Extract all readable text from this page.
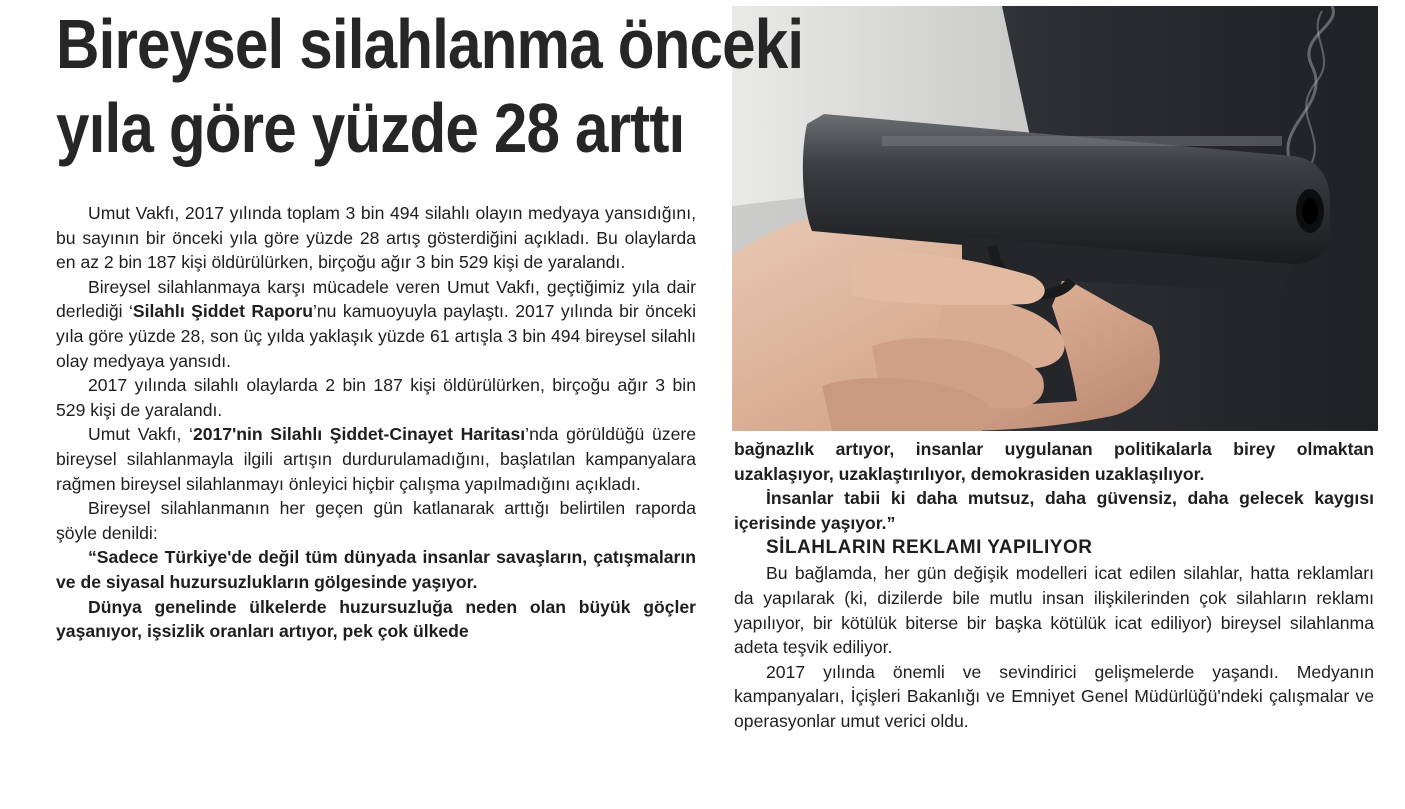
Bireysel silahlanma önceki
yıla göre yüzde 28 arttı

Umut Vakfı, 2017 yılında toplam 3 bin 494 silahlı olayın medyaya yansıdığını, bu sayının bir önceki yıla göre yüzde 28 artış gösterdiğini açıkladı. Bu olaylarda en az 2 bin 187 kişi öldürülürken, birçoğu ağır 3 bin 529 kişi de yaralandı.

Bireysel silahlanmaya karşı mücadele veren Umut Vakfı, geçtiğimiz yıla dair derlediği ‘Silahlı Şiddet Raporu’nu kamuoyuyla paylaştı. 2017 yılında bir önceki yıla göre yüzde 28, son üç yılda yaklaşık yüzde 61 artışla 3 bin 494 bireysel silahlı olay medyaya yansıdı.

2017 yılında silahlı olaylarda 2 bin 187 kişi öldürülürken, birçoğu ağır 3 bin 529 kişi de yaralandı.

Umut Vakfı, ‘2017'nin Silahlı Şiddet-Cinayet Haritası’nda görüldüğü üzere bireysel silahlanmayla ilgili artışın durdurulamadığını, başlatılan kampanyalara rağmen bireysel silahlanmayı önleyici hiçbir çalışma yapılmadığını açıkladı.

Bireysel silahlanmanın her geçen gün katlanarak arttığı belirtilen raporda şöyle denildi:

“Sadece Türkiye'de değil tüm dünyada insanlar savaşların, çatışmaların ve de siyasal huzursuzlukların gölgesinde yaşıyor.

Dünya genelinde ülkelerde huzursuzluğa neden olan büyük göçler yaşanıyor, işsizlik oranları artıyor, pek çok ülkede

bağnazlık artıyor, insanlar uygulanan politikalarla birey olmaktan uzaklaşıyor, uzaklaştırılıyor, demokrasiden uzaklaşılıyor.

İnsanlar tabii ki daha mutsuz, daha güvensiz, daha gelecek kaygısı içerisinde yaşıyor.”

SİLAHLARIN REKLAMI YAPILIYOR

Bu bağlamda, her gün değişik modelleri icat edilen silahlar, hatta reklamları da yapılarak (ki, dizilerde bile mutlu insan ilişkilerinden çok silahların reklamı yapılıyor, bir kötülük biterse bir başka kötülük icat ediliyor) bireysel silahlanma adeta teşvik ediliyor.

2017 yılında önemli ve sevindirici gelişmelerde yaşandı. Medyanın kampanyaları, İçişleri Bakanlığı ve Emniyet Genel Müdürlüğü'ndeki çalışmalar ve operasyonlar umut verici oldu.
